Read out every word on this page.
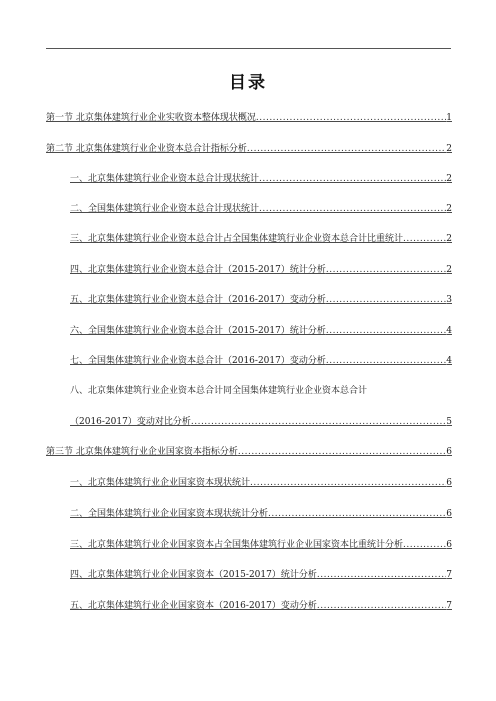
目录
第一节 北京集体建筑行业企业实收资本整体现状概况 .....	1
第二节 北京集体建筑行业企业资本总合计指标分析 .....	2
一、北京集体建筑行业企业资本总合计现状统计 .....	2
二、全国集体建筑行业企业资本总合计现状统计 .....	2
三、北京集体建筑行业企业资本总合计占全国集体建筑行业企业资本总合计比重统计 .....	2
四、北京集体建筑行业企业资本总合计（2015-2017）统计分析 .....	2
五、北京集体建筑行业企业资本总合计（2016-2017）变动分析 .....	3
六、全国集体建筑行业企业资本总合计（2015-2017）统计分析 .....	4
七、全国集体建筑行业企业资本总合计（2016-2017）变动分析 .....	4
八、北京集体建筑行业企业资本总合计同全国集体建筑行业企业资本总合计
（2016-2017）变动对比分析 .....	5
第三节 北京集体建筑行业企业国家资本指标分析 .....	6
一、北京集体建筑行业企业国家资本现状统计 .....	6
二、全国集体建筑行业企业国家资本现状统计分析 .....	6
三、北京集体建筑行业企业国家资本占全国集体建筑行业企业国家资本比重统计分析 .....	6
四、北京集体建筑行业企业国家资本（2015-2017）统计分析 .....	7
五、北京集体建筑行业企业国家资本（2016-2017）变动分析 .....	7
